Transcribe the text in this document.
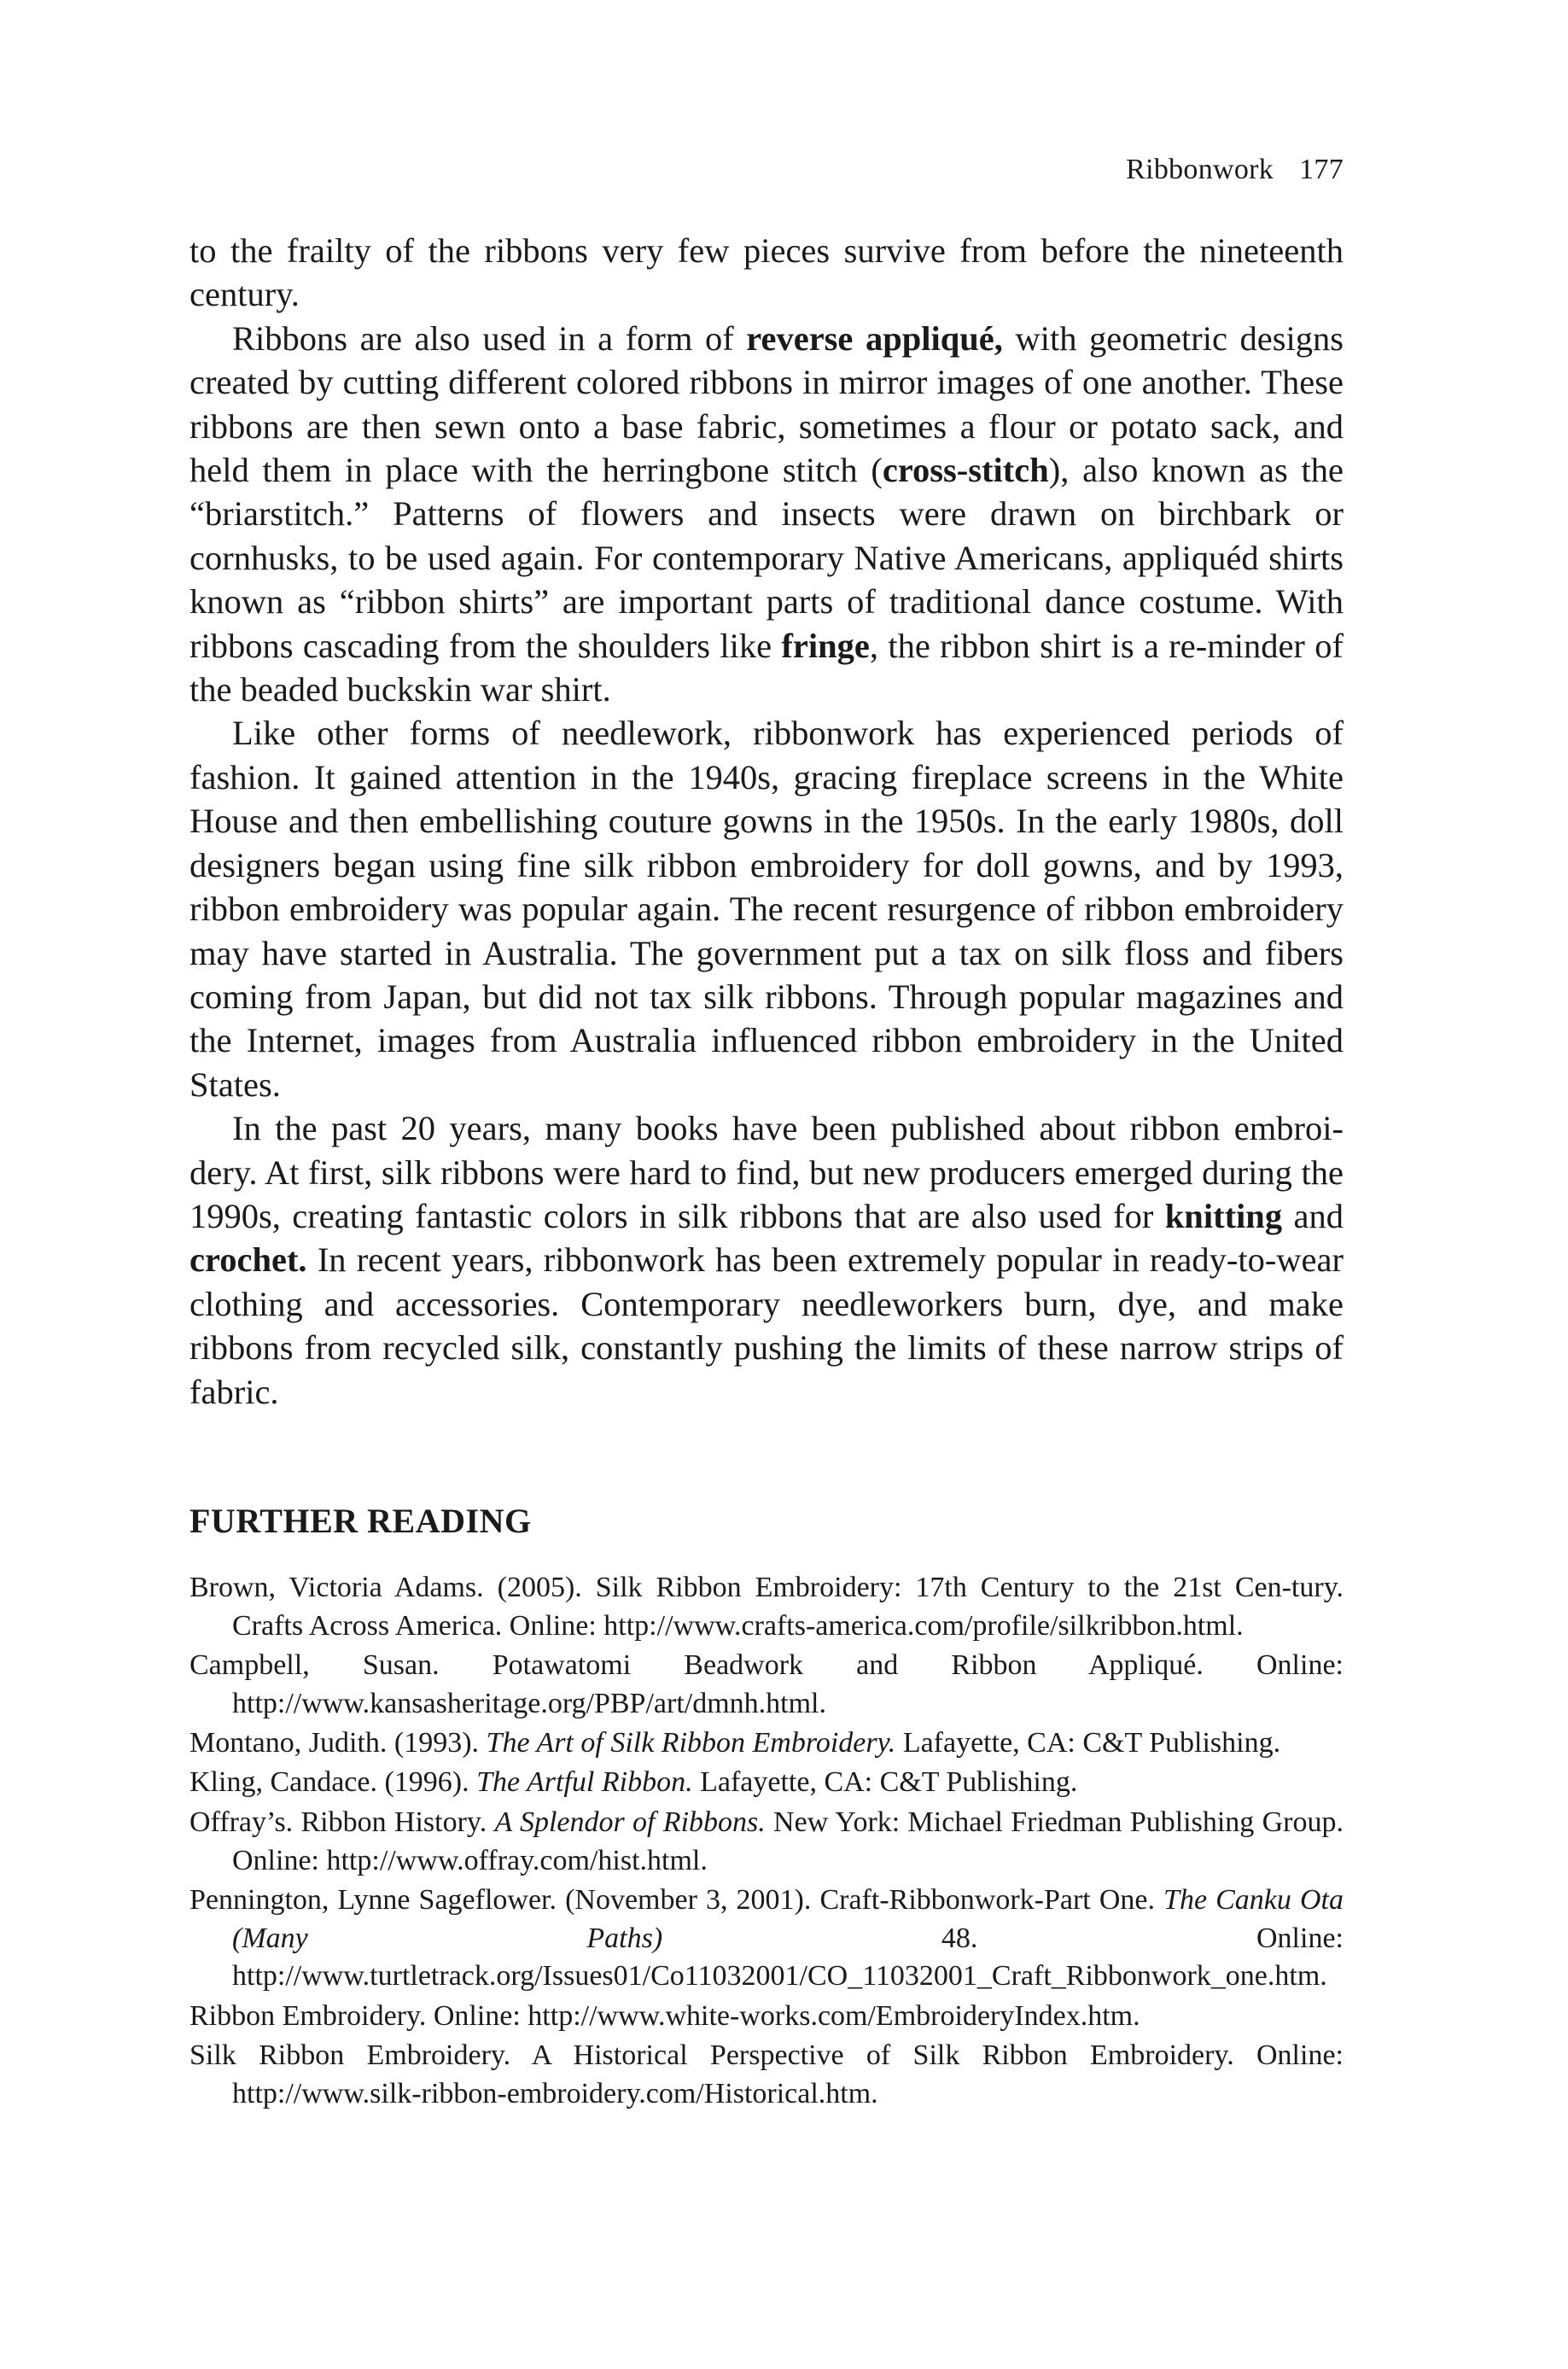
Ribbonwork 177

to the frailty of the ribbons very few pieces survive from before the nineteenth century.

Ribbons are also used in a form of reverse appliqué, with geometric designs created by cutting different colored ribbons in mirror images of one another. These ribbons are then sewn onto a base fabric, sometimes a flour or potato sack, and held them in place with the herringbone stitch (cross-stitch), also known as the “briarstitch.” Patterns of flowers and insects were drawn on birchbark or cornhusks, to be used again. For contemporary Native Americans, appliquéd shirts known as “ribbon shirts” are important parts of traditional dance costume. With ribbons cascading from the shoulders like fringe, the ribbon shirt is a re-minder of the beaded buckskin war shirt.

Like other forms of needlework, ribbonwork has experienced periods of fashion. It gained attention in the 1940s, gracing fireplace screens in the White House and then embellishing couture gowns in the 1950s. In the early 1980s, doll designers began using fine silk ribbon embroidery for doll gowns, and by 1993, ribbon embroidery was popular again. The recent resurgence of ribbon embroidery may have started in Australia. The government put a tax on silk floss and fibers coming from Japan, but did not tax silk ribbons. Through popular magazines and the Internet, images from Australia influenced ribbon embroidery in the United States.

In the past 20 years, many books have been published about ribbon embroi-dery. At first, silk ribbons were hard to find, but new producers emerged during the 1990s, creating fantastic colors in silk ribbons that are also used for knitting and crochet. In recent years, ribbonwork has been extremely popular in ready-to-wear clothing and accessories. Contemporary needleworkers burn, dye, and make ribbons from recycled silk, constantly pushing the limits of these narrow strips of fabric.

FURTHER READING

Brown, Victoria Adams. (2005). Silk Ribbon Embroidery: 17th Century to the 21st Cen-tury. Crafts Across America. Online: http://www.crafts-america.com/profile/silkribbon.html.

Campbell, Susan. Potawatomi Beadwork and Ribbon Appliqué. Online: http://www.kansasheritage.org/PBP/art/dmnh.html.

Montano, Judith. (1993). The Art of Silk Ribbon Embroidery. Lafayette, CA: C&T Publishing.

Kling, Candace. (1996). The Artful Ribbon. Lafayette, CA: C&T Publishing.

Offray’s. Ribbon History. A Splendor of Ribbons. New York: Michael Friedman Publishing Group. Online: http://www.offray.com/hist.html.

Pennington, Lynne Sageflower. (November 3, 2001). Craft-Ribbonwork-Part One. The Canku Ota (Many Paths) 48. Online: http://www.turtletrack.org/Issues01/Co11032001/CO_11032001_Craft_Ribbonwork_one.htm.

Ribbon Embroidery. Online: http://www.white-works.com/EmbroideryIndex.htm.

Silk Ribbon Embroidery. A Historical Perspective of Silk Ribbon Embroidery. Online: http://www.silk-ribbon-embroidery.com/Historical.htm.
